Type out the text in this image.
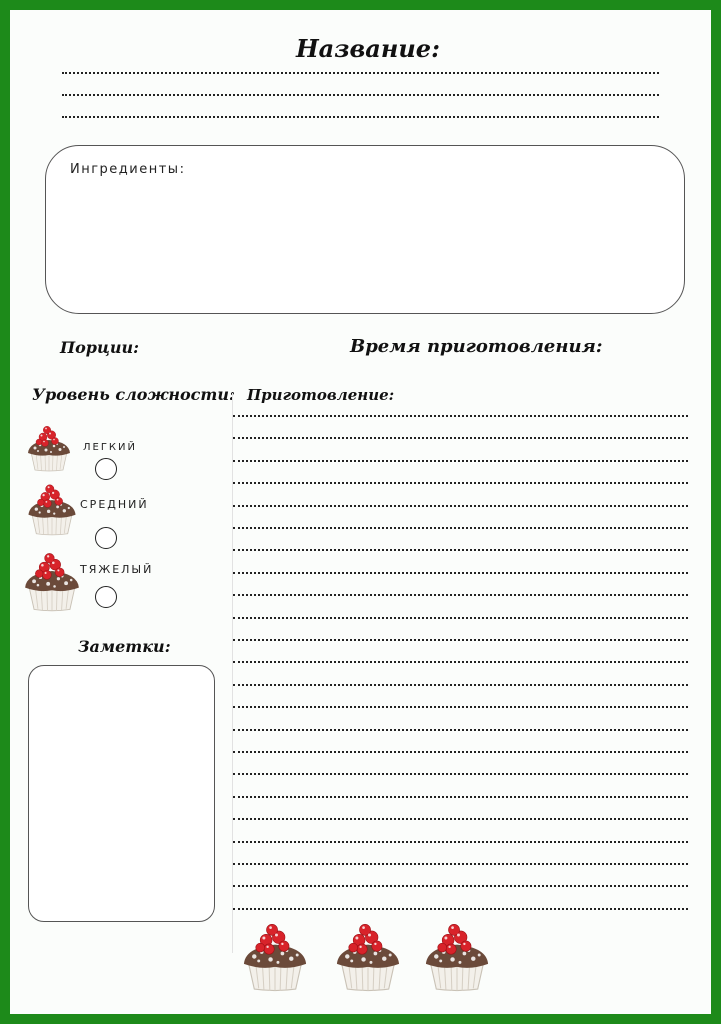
Название:
Ингредиенты:
Порции:	Время приготовления:
Уровень сложности:
ЛЕГКИЙ
СРЕДНИЙ
ТЯЖЕЛЫЙ
Заметки:
Приготовление:
